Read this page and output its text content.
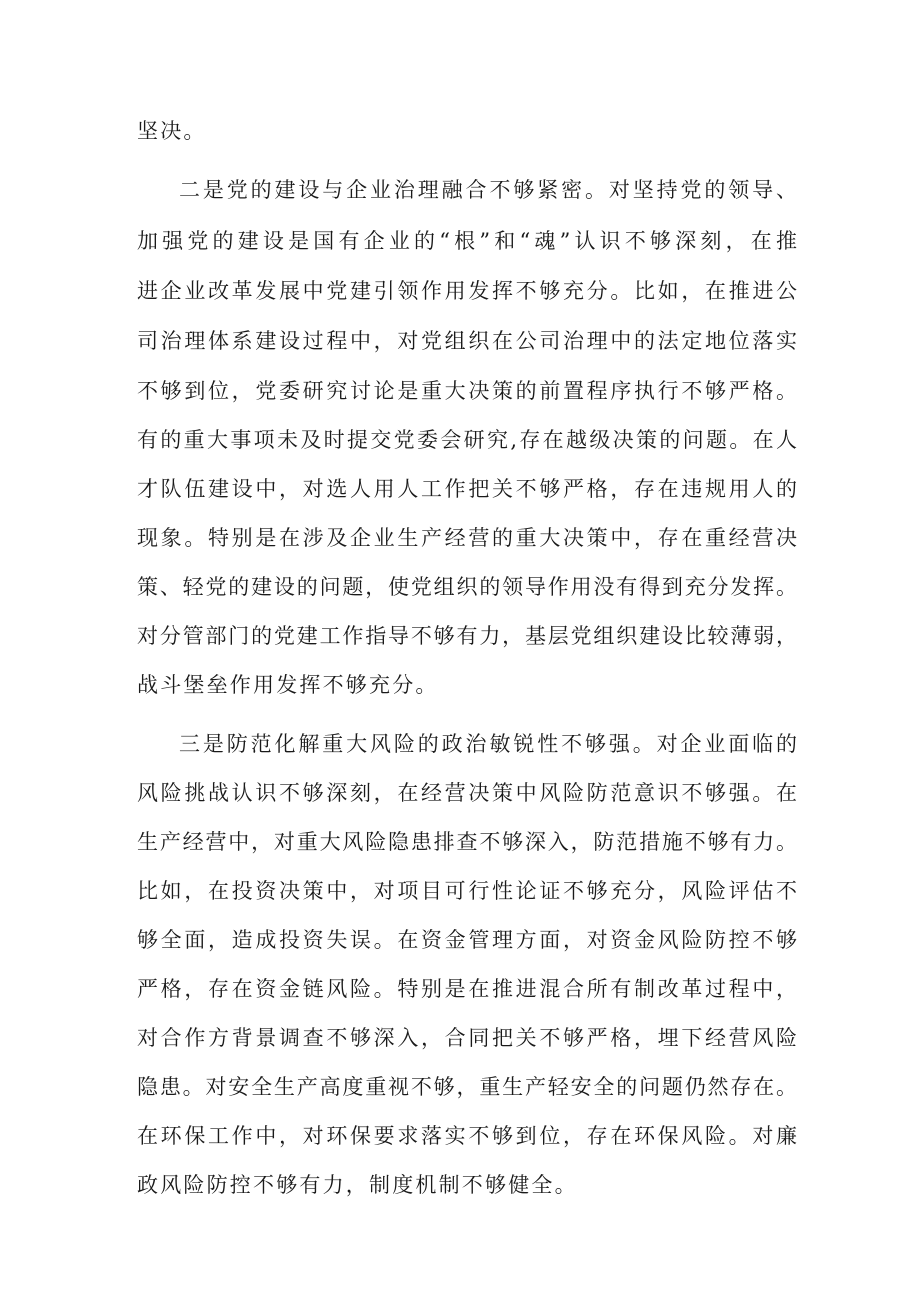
坚决。

二是党的建设与企业治理融合不够紧密。对坚持党的领导、

加强党的建设是国有企业的“根”和“魂”认识不够深刻，在推

进企业改革发展中党建引领作用发挥不够充分。比如，在推进公

司治理体系建设过程中，对党组织在公司治理中的法定地位落实

不够到位，党委研究讨论是重大决策的前置程序执行不够严格。

有的重大事项未及时提交党委会研究,存在越级决策的问题。在人

才队伍建设中，对选人用人工作把关不够严格，存在违规用人的

现象。特别是在涉及企业生产经营的重大决策中，存在重经营决

策、轻党的建设的问题，使党组织的领导作用没有得到充分发挥。

对分管部门的党建工作指导不够有力，基层党组织建设比较薄弱，

战斗堡垒作用发挥不够充分。

三是防范化解重大风险的政治敏锐性不够强。对企业面临的

风险挑战认识不够深刻，在经营决策中风险防范意识不够强。在

生产经营中，对重大风险隐患排查不够深入，防范措施不够有力。

比如，在投资决策中，对项目可行性论证不够充分，风险评估不

够全面，造成投资失误。在资金管理方面，对资金风险防控不够

严格，存在资金链风险。特别是在推进混合所有制改革过程中，

对合作方背景调查不够深入，合同把关不够严格，埋下经营风险

隐患。对安全生产高度重视不够，重生产轻安全的问题仍然存在。

在环保工作中，对环保要求落实不够到位，存在环保风险。对廉

政风险防控不够有力，制度机制不够健全。
